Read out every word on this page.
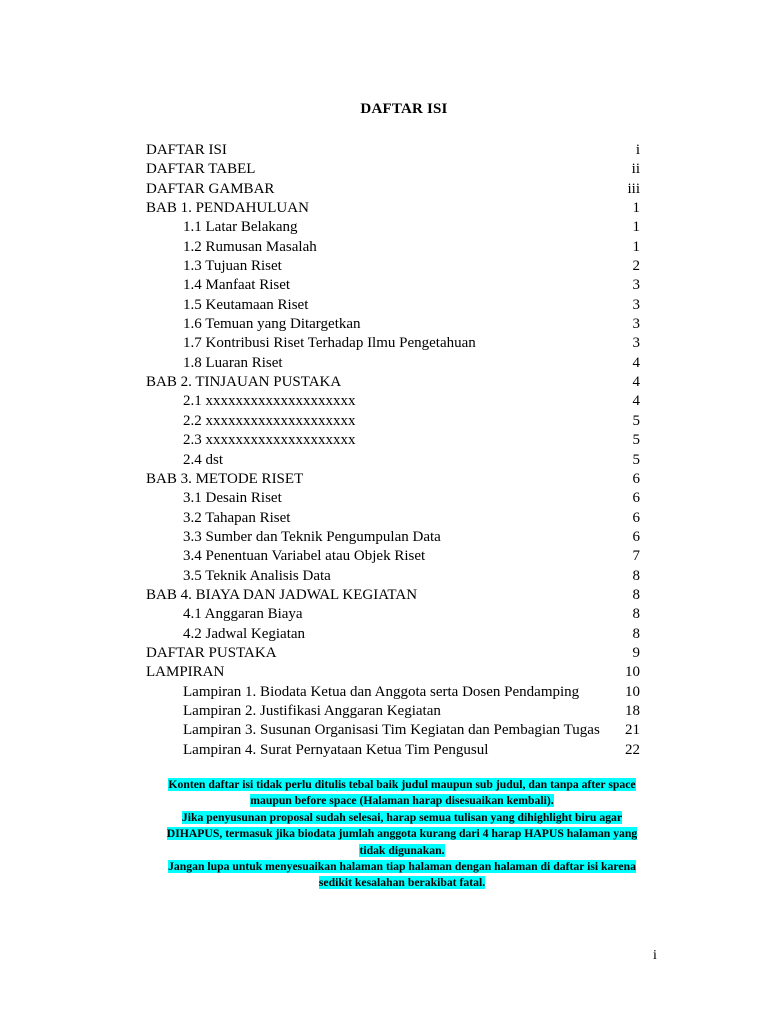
DAFTAR ISI
DAFTAR ISI	i
DAFTAR TABEL	ii
DAFTAR GAMBAR	iii
BAB 1. PENDAHULUAN	1
1.1 Latar Belakang	1
1.2 Rumusan Masalah	1
1.3 Tujuan Riset	2
1.4 Manfaat Riset	3
1.5 Keutamaan Riset	3
1.6 Temuan yang Ditargetkan	3
1.7 Kontribusi Riset Terhadap Ilmu Pengetahuan	3
1.8 Luaran Riset	4
BAB 2. TINJAUAN PUSTAKA	4
2.1 xxxxxxxxxxxxxxxxxxxx	4
2.2 xxxxxxxxxxxxxxxxxxxx	5
2.3 xxxxxxxxxxxxxxxxxxxx	5
2.4 dst	5
BAB 3. METODE RISET	6
3.1 Desain Riset	6
3.2 Tahapan Riset	6
3.3 Sumber dan Teknik Pengumpulan Data	6
3.4 Penentuan Variabel atau Objek Riset	7
3.5 Teknik Analisis Data	8
BAB 4. BIAYA DAN JADWAL KEGIATAN	8
4.1 Anggaran Biaya	8
4.2 Jadwal Kegiatan	8
DAFTAR PUSTAKA	9
LAMPIRAN	10
Lampiran 1. Biodata Ketua dan Anggota serta Dosen Pendamping	10
Lampiran 2. Justifikasi Anggaran Kegiatan	18
Lampiran 3. Susunan Organisasi Tim Kegiatan dan Pembagian Tugas	21
Lampiran 4. Surat Pernyataan Ketua Tim Pengusul	22

Konten daftar isi tidak perlu ditulis tebal baik judul maupun sub judul, dan tanpa after space maupun before space (Halaman harap disesuaikan kembali).

Jika penyusunan proposal sudah selesai, harap semua tulisan yang dihighlight biru agar DIHAPUS, termasuk jika biodata jumlah anggota kurang dari 4 harap HAPUS halaman yang tidak digunakan.

Jangan lupa untuk menyesuaikan halaman tiap halaman dengan halaman di daftar isi karena sedikit kesalahan berakibat fatal.

i
